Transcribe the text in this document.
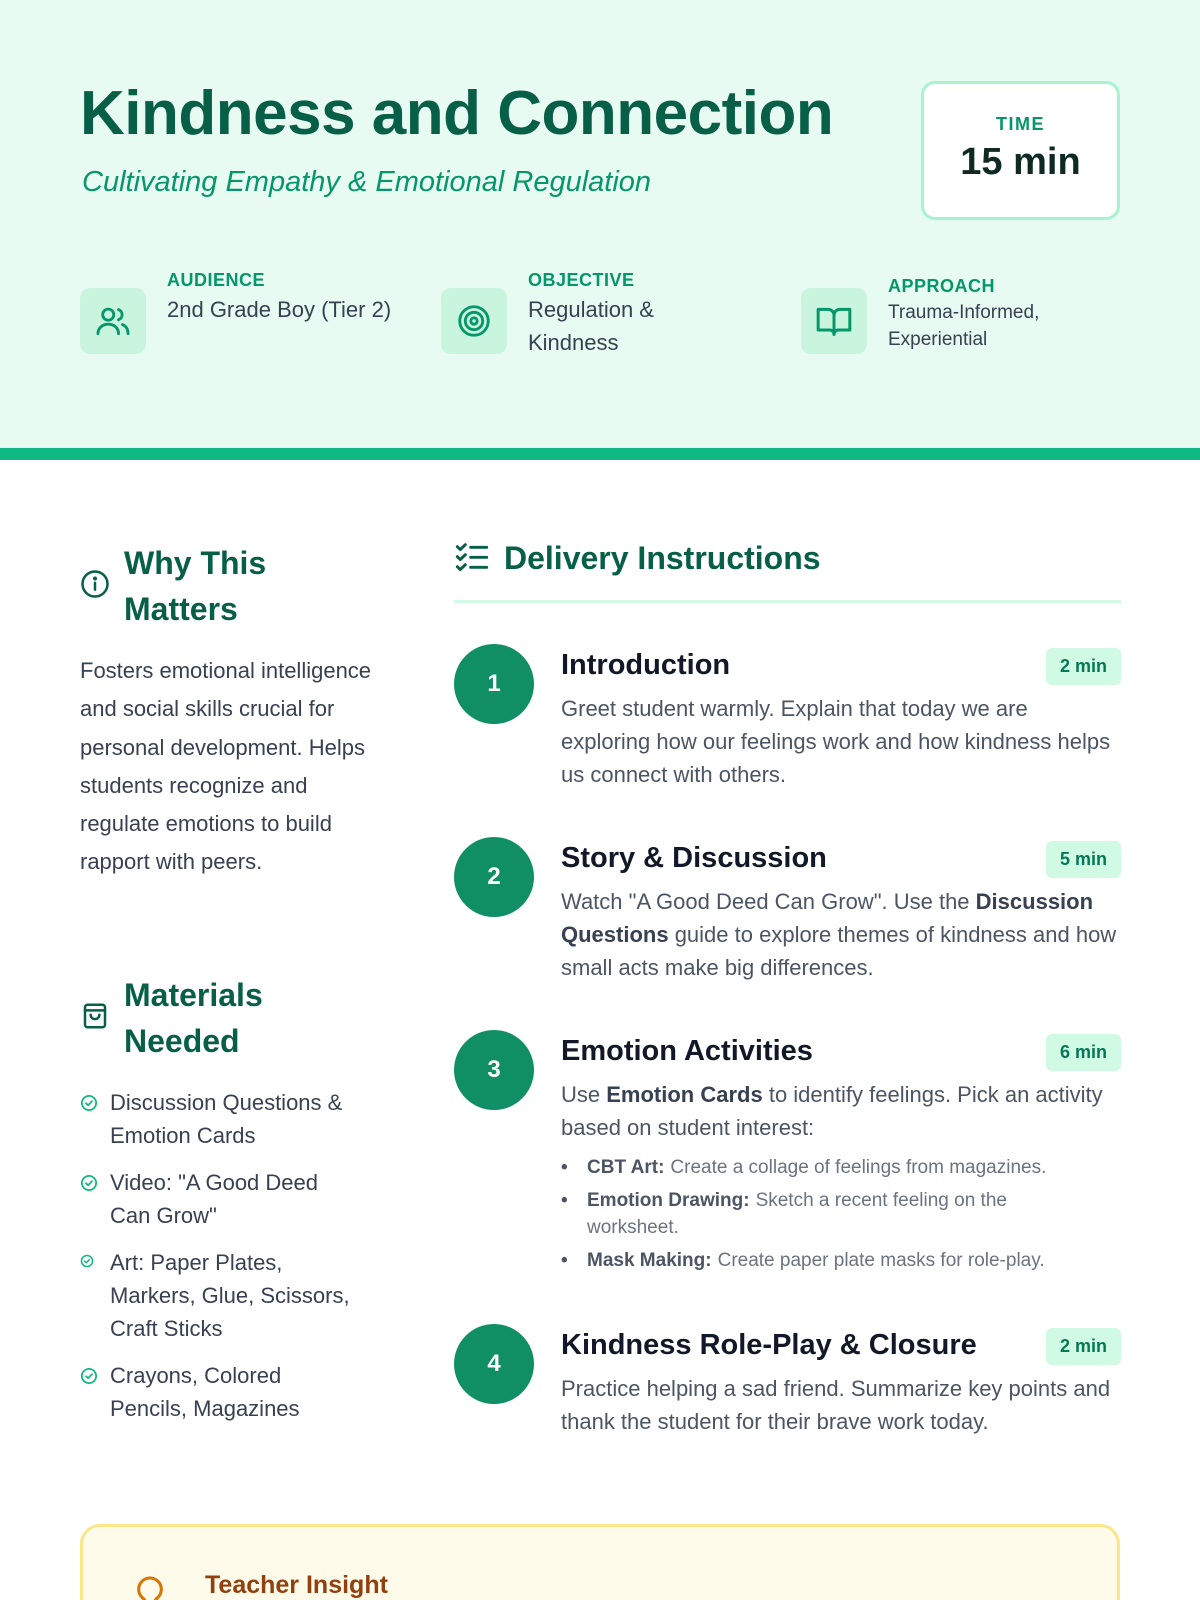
Kindness and Connection
Cultivating Empathy & Emotional Regulation
TIME
15 min
AUDIENCE
2nd Grade Boy (Tier 2)
OBJECTIVE
Regulation & Kindness
APPROACH
Trauma-Informed, Experiential
Why This Matters

Fosters emotional intelligence and social skills crucial for personal development. Helps students recognize and regulate emotions to build rapport with peers.

Materials Needed
Discussion Questions & Emotion Cards
Video: "A Good Deed Can Grow"
Art: Paper Plates, Markers, Glue, Scissors, Craft Sticks
Crayons, Colored Pencils, Magazines
Delivery Instructions
1
Introduction	2 min

Greet student warmly. Explain that today we are exploring how our feelings work and how kindness helps us connect with others.

2
Story & Discussion	5 min

Watch "A Good Deed Can Grow". Use the Discussion Questions guide to explore themes of kindness and how small acts make big differences.

3
Emotion Activities	6 min

Use Emotion Cards to identify feelings. Pick an activity based on student interest:

•	CBT Art: Create a collage of feelings from magazines.
•	Emotion Drawing: Sketch a recent feeling on the worksheet.
•	Mask Making: Create paper plate masks for role-play.
4
Kindness Role-Play & Closure	2 min

Practice helping a sad friend. Summarize key points and thank the student for their brave work today.

Teacher Insight
